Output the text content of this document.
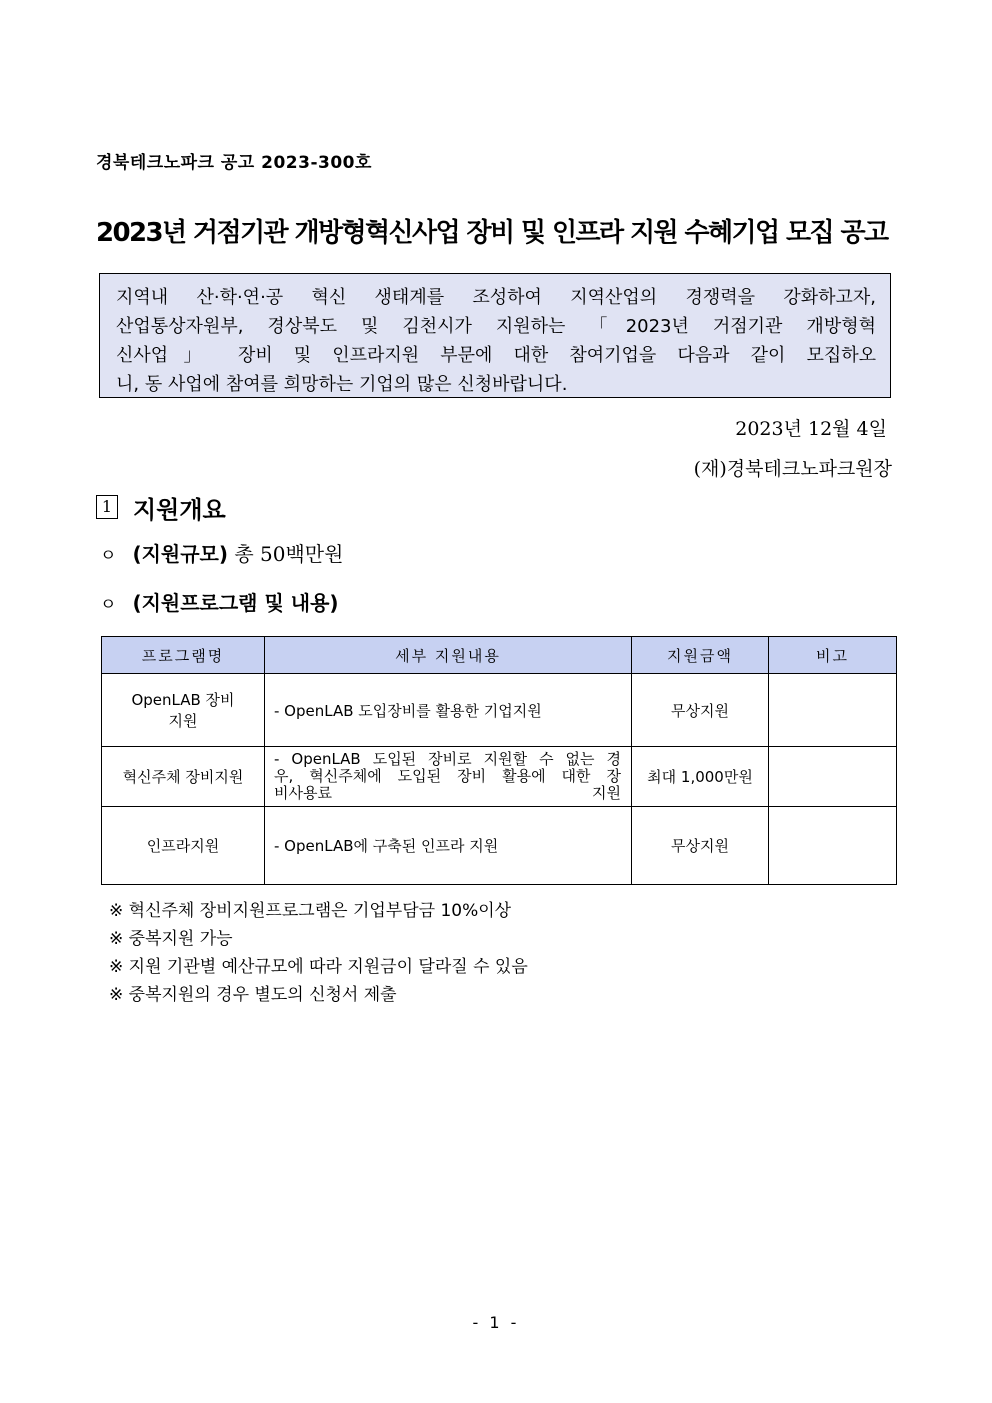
경북테크노파크 공고 2023-300호
2023년 거점기관 개방형혁신사업 장비 및 인프라 지원 수혜기업 모집 공고
지역내 산·학·연·공 혁신 생태계를 조성하여 지역산업의 경쟁력을 강화하고자,
산업통상자원부, 경상북도 및 김천시가 지원하는 「2023년 거점기관 개방형혁
신사업」 장비 및 인프라지원 부문에 대한 참여기업을 다음과 같이 모집하오
니, 동 사업에 참여를 희망하는 기업의 많은 신청바랍니다.
2023년 12월 4일
(재)경북테크노파크원장
1 지원개요
ㅇ (지원규모) 총 50백만원
ㅇ (지원프로그램 및 내용)
프로그램명	세부 지원내용	지원금액	비고

OpenLAB 장비
지원	- OpenLAB 도입장비를 활용한 기업지원	무상지원	
혁신주체 장비지원	- OpenLAB 도입된 장비로 지원할 수 없는 경
우, 혁신주체에 도입된 장비 활용에 대한 장
비사용료 지원	최대 1,000만원	
인프라지원	- OpenLAB에 구축된 인프라 지원	무상지원	
※ 혁신주체 장비지원프로그램은 기업부담금 10%이상
※ 중복지원 가능
※ 지원 기관별 예산규모에 따라 지원금이 달라질 수 있음
※ 중복지원의 경우 별도의 신청서 제출
- 1 -
